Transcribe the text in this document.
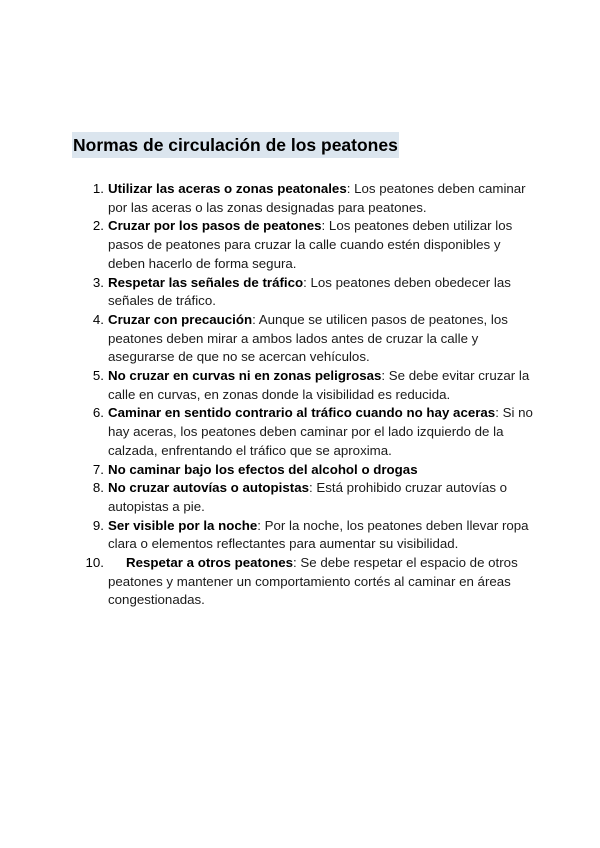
Normas de circulación de los peatones
1. Utilizar las aceras o zonas peatonales: Los peatones deben caminar por las aceras o las zonas designadas para peatones.
2. Cruzar por los pasos de peatones: Los peatones deben utilizar los pasos de peatones para cruzar la calle cuando estén disponibles y deben hacerlo de forma segura.
3. Respetar las señales de tráfico: Los peatones deben obedecer las señales de tráfico.
4. Cruzar con precaución: Aunque se utilicen pasos de peatones, los peatones deben mirar a ambos lados antes de cruzar la calle y asegurarse de que no se acercan vehículos.
5. No cruzar en curvas ni en zonas peligrosas: Se debe evitar cruzar la calle en curvas, en zonas donde la visibilidad es reducida.
6. Caminar en sentido contrario al tráfico cuando no hay aceras: Si no hay aceras, los peatones deben caminar por el lado izquierdo de la calzada, enfrentando el tráfico que se aproxima.
7. No caminar bajo los efectos del alcohol o drogas
8. No cruzar autovías o autopistas: Está prohibido cruzar autovías o autopistas a pie.
9. Ser visible por la noche: Por la noche, los peatones deben llevar ropa clara o elementos reflectantes para aumentar su visibilidad.
10. Respetar a otros peatones: Se debe respetar el espacio de otros peatones y mantener un comportamiento cortés al caminar en áreas congestionadas.
